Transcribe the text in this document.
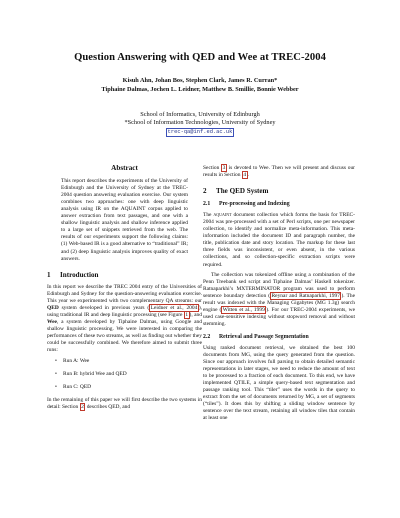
Question Answering with QED and Wee at TREC-2004
Kisuh Ahn, Johan Bos, Stephen Clark, James R. Curran*
Tiphaine Dalmas, Jochen L. Leidner, Matthew B. Smillie, Bonnie Webber
School of Informatics, University of Edinburgh
*School of Information Technologies, University of Sydney
trec-qa@inf.ed.ac.uk
Abstract

This report describes the experiments of the University of Edinburgh and the University of Sydney at the TREC-2004 question answering evaluation exercise. Our system combines two approaches: one with deep linguistic analysis using IR on the AQUAINT corpus applied to answer extraction from text passages, and one with a shallow linguistic analysis and shallow inference applied to a large set of snippets retrieved from the web. The results of our experiments support the following claims: (1) Web-based IR is a good alternative to “traditional” IR; and (2) deep linguistic analysis improves quality of exact answers.

1 Introduction

In this report we describe the TREC 2004 entry of the Universities of Edinburgh and Sydney for the question-answering evaluation exercise. This year we experimented with two complementary QA streams: our QED system developed in previous years ( Leidner et al., 2004 ), using traditional IR and deep linguistic processing (see Figure 1 ), and Wee, a system developed by Tiphaine Dalmas, using Google and shallow linguistic processing. We were interested in comparing the performances of these two streams, as well as finding out whether they could be successfully combined. We therefore aimed to submit three runs:

• Run A: Wee
• Run B: hybrid Wee and QED
• Run C: QED

In the remaining of this paper we will first describe the two systems in detail: Section 2 describes QED, and

Section 3 is devoted to Wee. Then we will present and discuss our results in Section 4 .

2 The QED System
2.1 Pre-processing and Indexing

The aquaint document collection which forms the basis for TREC-2004 was pre-processed with a set of Perl scripts, one per newspaper collection, to identify and normalize meta-information. This meta-information included the document ID and paragraph number, the title, publication date and story location. The markup for these last three fields was inconsistent, or even absent, in the various collections, and so collection-specific extraction scripts were required.

The collection was tokenized offline using a combination of the Penn Treebank sed script and Tiphaine Dalmas’ Haskell tokenizer. Ratnaparkhi’s MXTERMINATOR program was used to perform sentence boundary detection ( Reynar and Ratnaparkhi, 1997 ). The result was indexed with the Managing Gigabytes (MG 1.3g) search engine ( Witten et al., 1999 ). For our TREC-2004 experiments, we used case-sensitive indexing without stopword removal and without stemming.

2.2 Retrieval and Passage Segmentation

Using ranked document retrieval, we obtained the best 100 documents from MG, using the query generated from the question. Since our approach involves full parsing to obtain detailed semantic representations in later stages, we need to reduce the amount of text to be processed to a fraction of each document. To this end, we have implemented QTILE, a simple query-based text segmentation and passage ranking tool. This “tiler” uses the words in the query to extract from the set of documents returned by MG, a set of segments (“tiles”). It does this by shifting a sliding window sentence by sentence over the text stream, retaining all window tiles that contain at least one
